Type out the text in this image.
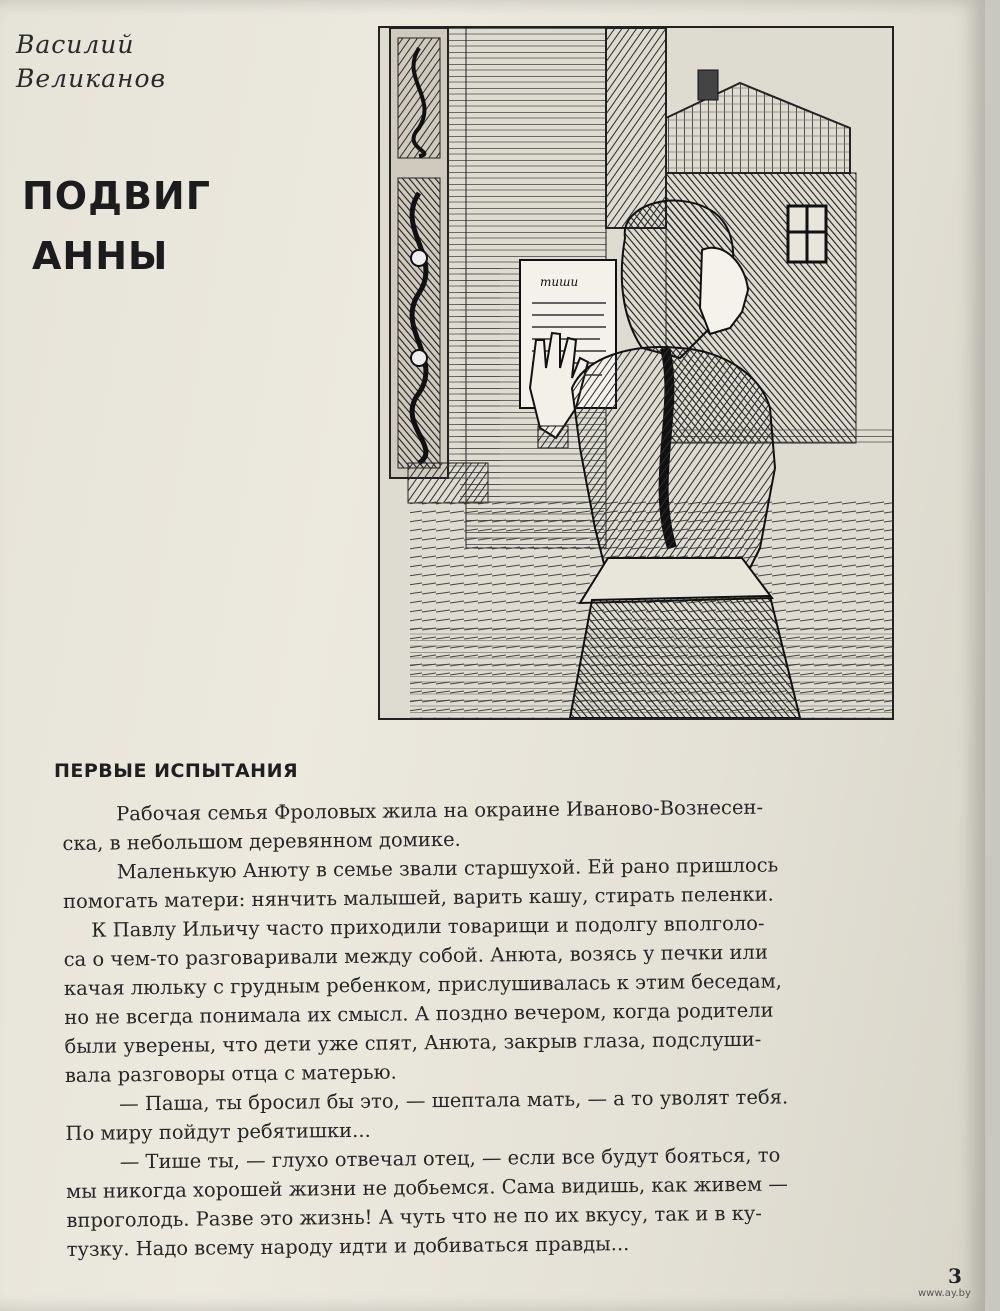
Василий
Великанов
ПОДВИГ
АННЫ
тиши
ПЕРВЫЕ ИСПЫТАНИЯ
Рабочая семья Фроловых жила на окраине Иваново-Вознесен-
ска, в небольшом деревянном домике.
Маленькую Анюту в семье звали старшухой. Ей рано пришлось
помогать матери: нянчить малышей, варить кашу, стирать пеленки.
К Павлу Ильичу часто приходили товарищи и подолгу вполголо-
са о чем-то разговаривали между собой. Анюта, возясь у печки или
качая люльку с грудным ребенком, прислушивалась к этим беседам,
но не всегда понимала их смысл. А поздно вечером, когда родители
были уверены, что дети уже спят, Анюта, закрыв глаза, подслуши-
вала разговоры отца с матерью.
— Паша, ты бросил бы это, — шептала мать, — а то уволят тебя.
По миру пойдут ребятишки...
— Тише ты, — глухо отвечал отец, — если все будут бояться, то
мы никогда хорошей жизни не добьемся. Сама видишь, как живем —
впроголодь. Разве это жизнь! А чуть что не по их вкусу, так и в ку-
тузку. Надо всему народу идти и добиваться правды...
3
www.ay.by
